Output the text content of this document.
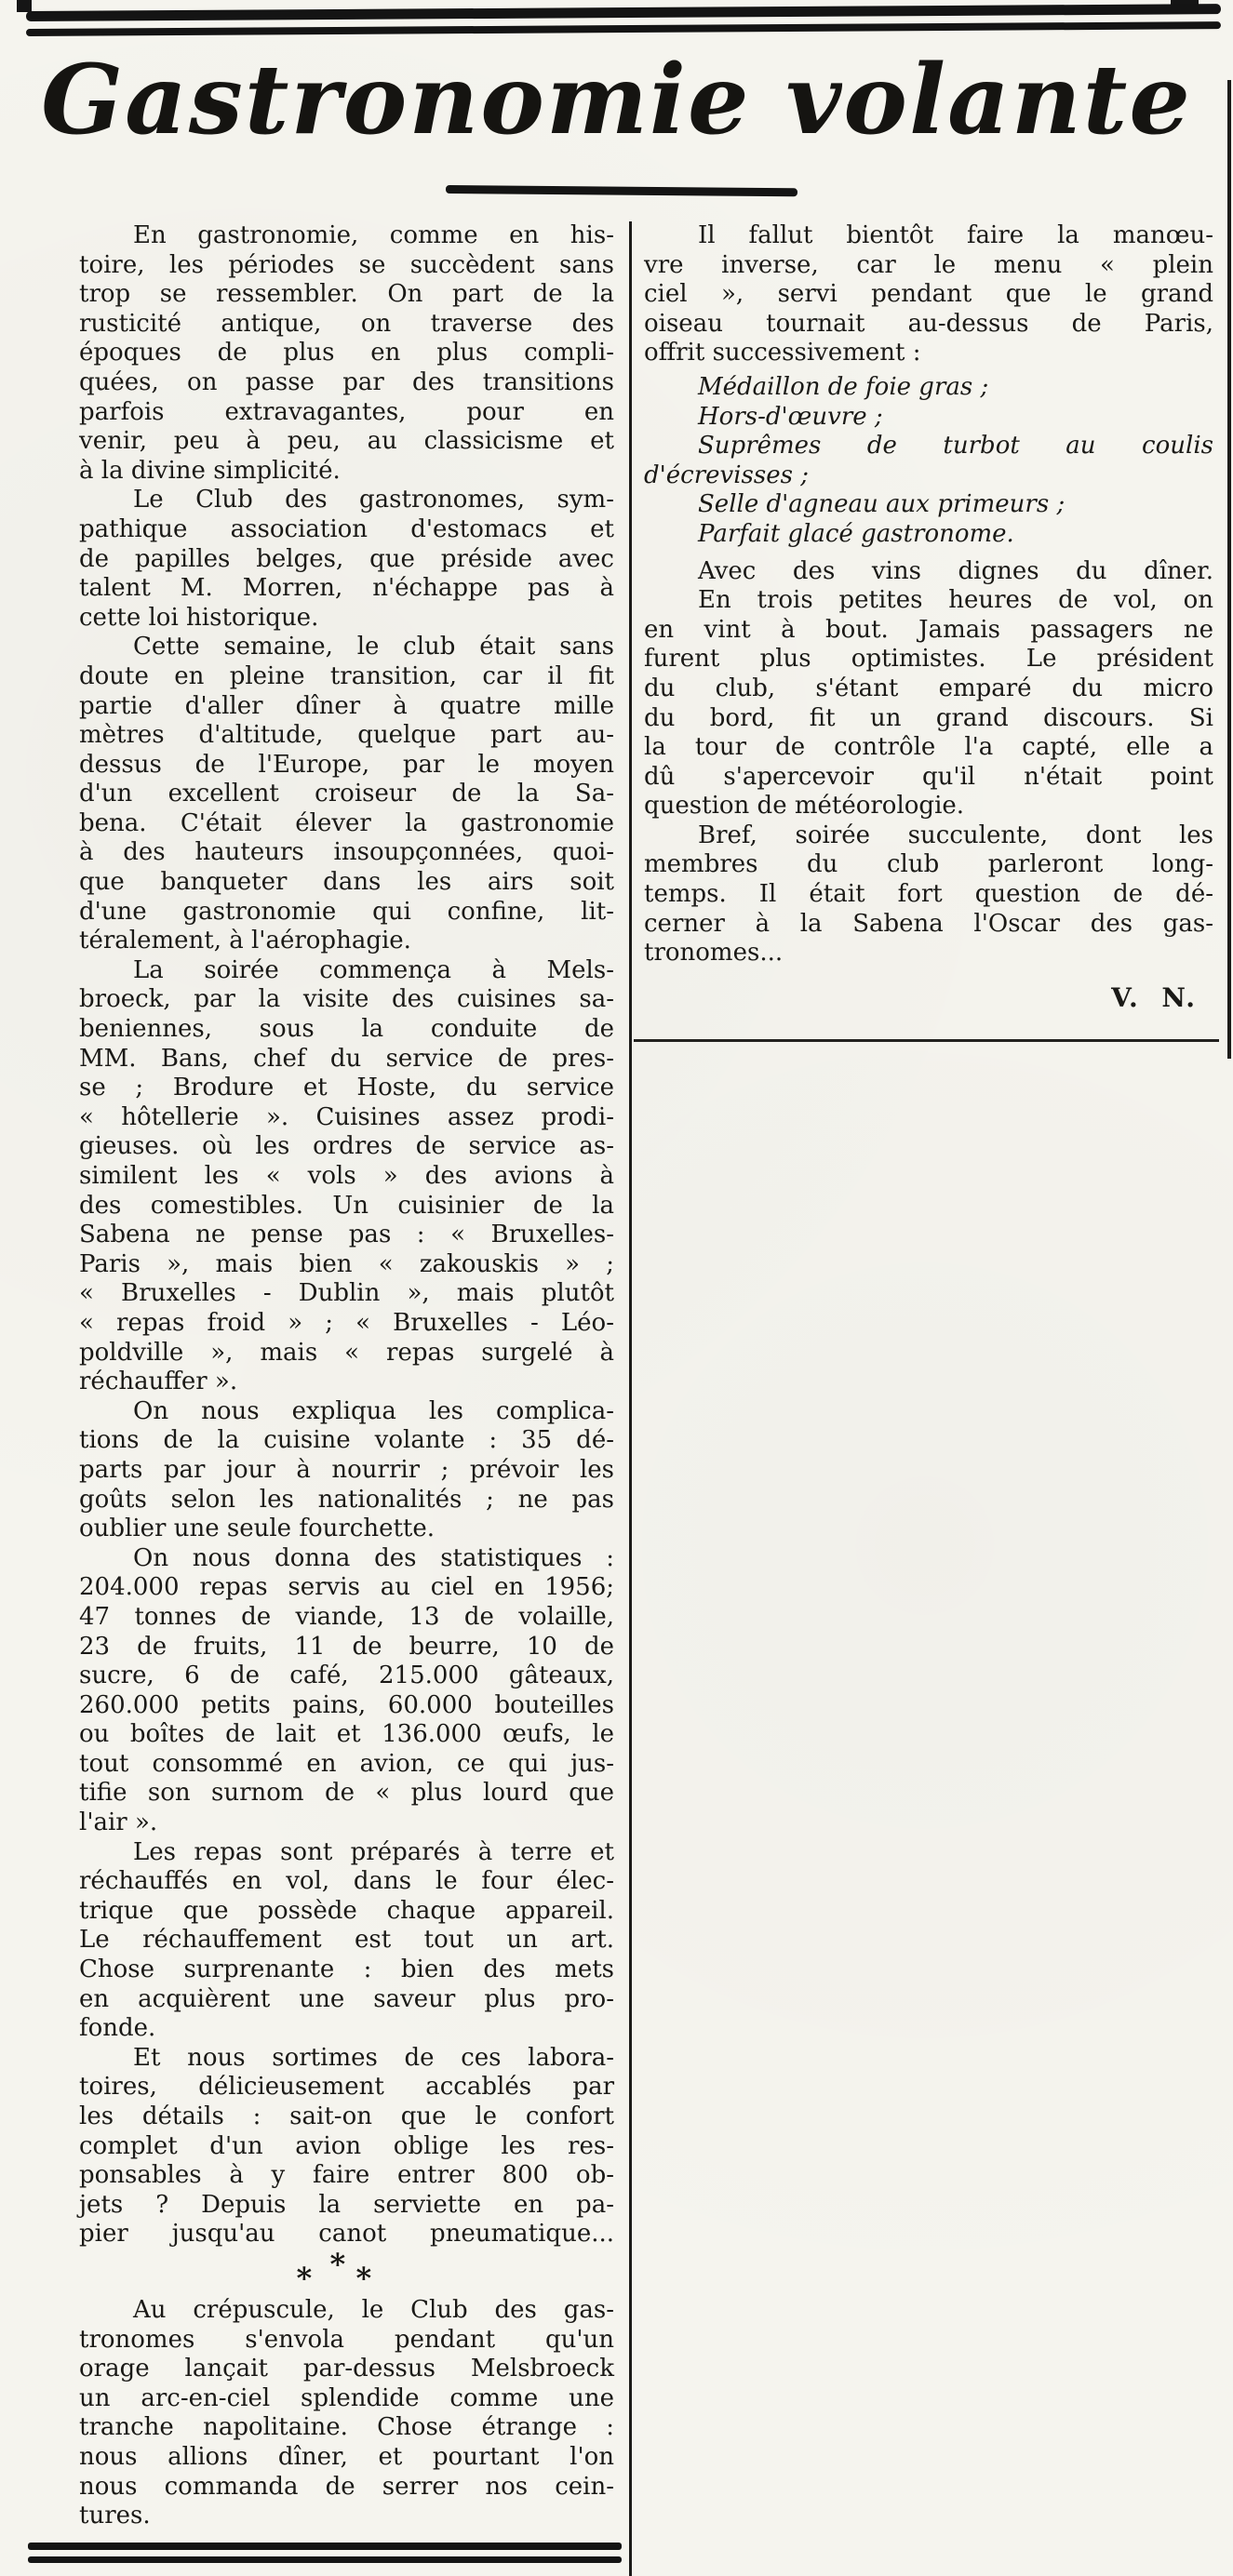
Gastronomie volante
En gastronomie, comme en his-
toire, les périodes se succèdent sans
trop se ressembler. On part de la
rusticité antique, on traverse des
époques de plus en plus compli-
quées, on passe par des transitions
parfois extravagantes, pour en
venir, peu à peu, au classicisme et
à la divine simplicité.
Le Club des gastronomes, sym-
pathique association d'estomacs et
de papilles belges, que préside avec
talent M. Morren, n'échappe pas à
cette loi historique.
Cette semaine, le club était sans
doute en pleine transition, car il fit
partie d'aller dîner à quatre mille
mètres d'altitude, quelque part au-
dessus de l'Europe, par le moyen
d'un excellent croiseur de la Sa-
bena. C'était élever la gastronomie
à des hauteurs insoupçonnées, quoi-
que banqueter dans les airs soit
d'une gastronomie qui confine, lit-
téralement, à l'aérophagie.
La soirée commença à Mels-
broeck, par la visite des cuisines sa-
beniennes, sous la conduite de
MM. Bans, chef du service de pres-
se ; Brodure et Hoste, du service
« hôtellerie ». Cuisines assez prodi-
gieuses. où les ordres de service as-
similent les « vols » des avions à
des comestibles. Un cuisinier de la
Sabena ne pense pas : « Bruxelles-
Paris », mais bien « zakouskis » ;
« Bruxelles - Dublin », mais plutôt
« repas froid » ; « Bruxelles - Léo-
poldville », mais « repas surgelé à
réchauffer ».
On nous expliqua les complica-
tions de la cuisine volante : 35 dé-
parts par jour à nourrir ; prévoir les
goûts selon les nationalités ; ne pas
oublier une seule fourchette.
On nous donna des statistiques :
204.000 repas servis au ciel en 1956;
47 tonnes de viande, 13 de volaille,
23 de fruits, 11 de beurre, 10 de
sucre, 6 de café, 215.000 gâteaux,
260.000 petits pains, 60.000 bouteilles
ou boîtes de lait et 136.000 œufs, le
tout consommé en avion, ce qui jus-
tifie son surnom de « plus lourd que
l'air ».
Les repas sont préparés à terre et
réchauffés en vol, dans le four élec-
trique que possède chaque appareil.
Le réchauffement est tout un art.
Chose surprenante : bien des mets
en acquièrent une saveur plus pro-
fonde.
Et nous sortimes de ces labora-
toires, délicieusement accablés par
les détails : sait-on que le confort
complet d'un avion oblige les res-
ponsables à y faire entrer 800 ob-
jets ? Depuis la serviette en pa-
pier jusqu'au canot pneumatique...
*
* *
Au crépuscule, le Club des gas-
tronomes s'envola pendant qu'un
orage lançait par-dessus Melsbroeck
un arc-en-ciel splendide comme une
tranche napolitaine. Chose étrange :
nous allions dîner, et pourtant l'on
nous commanda de serrer nos cein-
tures.
Il fallut bientôt faire la manœu-
vre inverse, car le menu « plein
ciel », servi pendant que le grand
oiseau tournait au-dessus de Paris,
offrit successivement :
Médaillon de foie gras ;
Hors-d'œuvre ;
Suprêmes de turbot au coulis
d'écrevisses ;
Selle d'agneau aux primeurs ;
Parfait glacé gastronome.
Avec des vins dignes du dîner.
En trois petites heures de vol, on
en vint à bout. Jamais passagers ne
furent plus optimistes. Le président
du club, s'étant emparé du micro
du bord, fit un grand discours. Si
la tour de contrôle l'a capté, elle a
dû s'apercevoir qu'il n'était point
question de météorologie.
Bref, soirée succulente, dont les
membres du club parleront long-
temps. Il était fort question de dé-
cerner à la Sabena l'Oscar des gas-
tronomes...
V. N.
